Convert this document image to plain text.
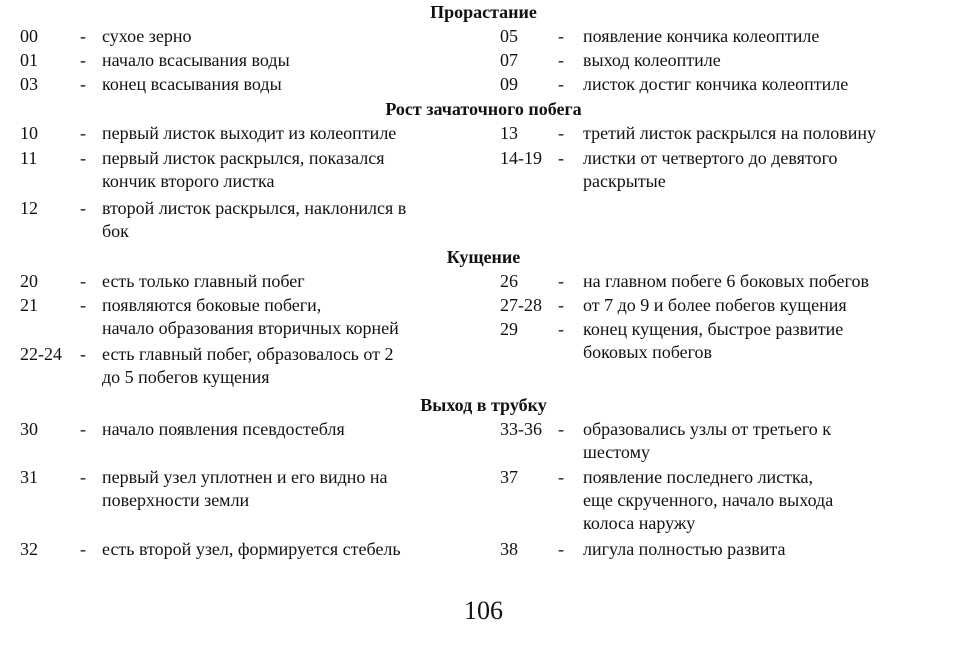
Прорастание
00 - сухое зерно
01 - начало всасывания воды
03 - конец всасывания воды
05 - появление кончика колеоптиле
07 - выход колеоптиле
09 - листок достиг кончика колеоптиле
Рост зачаточного побега
10 - первый листок выходит из колеоптиле
11 - первый листок раскрылся, показался
кончик второго листка
12 - второй листок раскрылся, наклонился в
бок
13 - третий листок раскрылся на половину
14-19 - листки от четвертого до девятого
раскрытые
Кущение
20 - есть только главный побег
21 - появляются боковые побеги,
начало образования вторичных корней
22-24 - есть главный побег, образовалось от 2
до 5 побегов кущения
26 - на главном побеге 6 боковых побегов
27-28 - от 7 до 9 и более побегов кущения
29 - конец кущения, быстрое развитие
боковых побегов
Выход в трубку
30 - начало появления псевдостебля
31 - первый узел уплотнен и его видно на
поверхности земли
32 - есть второй узел, формируется стебель
33-36 - образовались узлы от третьего к
шестому
37 - появление последнего листка,
еще скрученного, начало выхода
колоса наружу
38 - лигула полностью развита
106
